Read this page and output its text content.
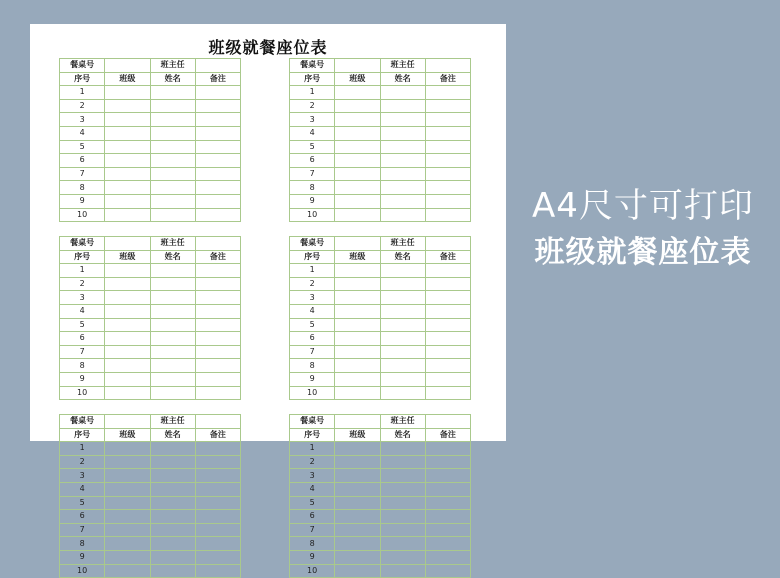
班级就餐座位表
餐桌号		班主任	
序号	班级	姓名	备注
1			
2			
3			
4			
5			
6			
7			
8			
9			
10			
餐桌号		班主任	
序号	班级	姓名	备注
1			
2			
3			
4			
5			
6			
7			
8			
9			
10			
餐桌号		班主任	
序号	班级	姓名	备注
1			
2			
3			
4			
5			
6			
7			
8			
9			
10			
餐桌号		班主任	
序号	班级	姓名	备注
1			
2			
3			
4			
5			
6			
7			
8			
9			
10			
餐桌号		班主任	
序号	班级	姓名	备注
1			
2			
3			
4			
5			
6			
7			
8			
9			
10			
餐桌号		班主任	
序号	班级	姓名	备注
1			
2			
3			
4			
5			
6			
7			
8			
9			
10			
A4尺寸可打印
班级就餐座位表
